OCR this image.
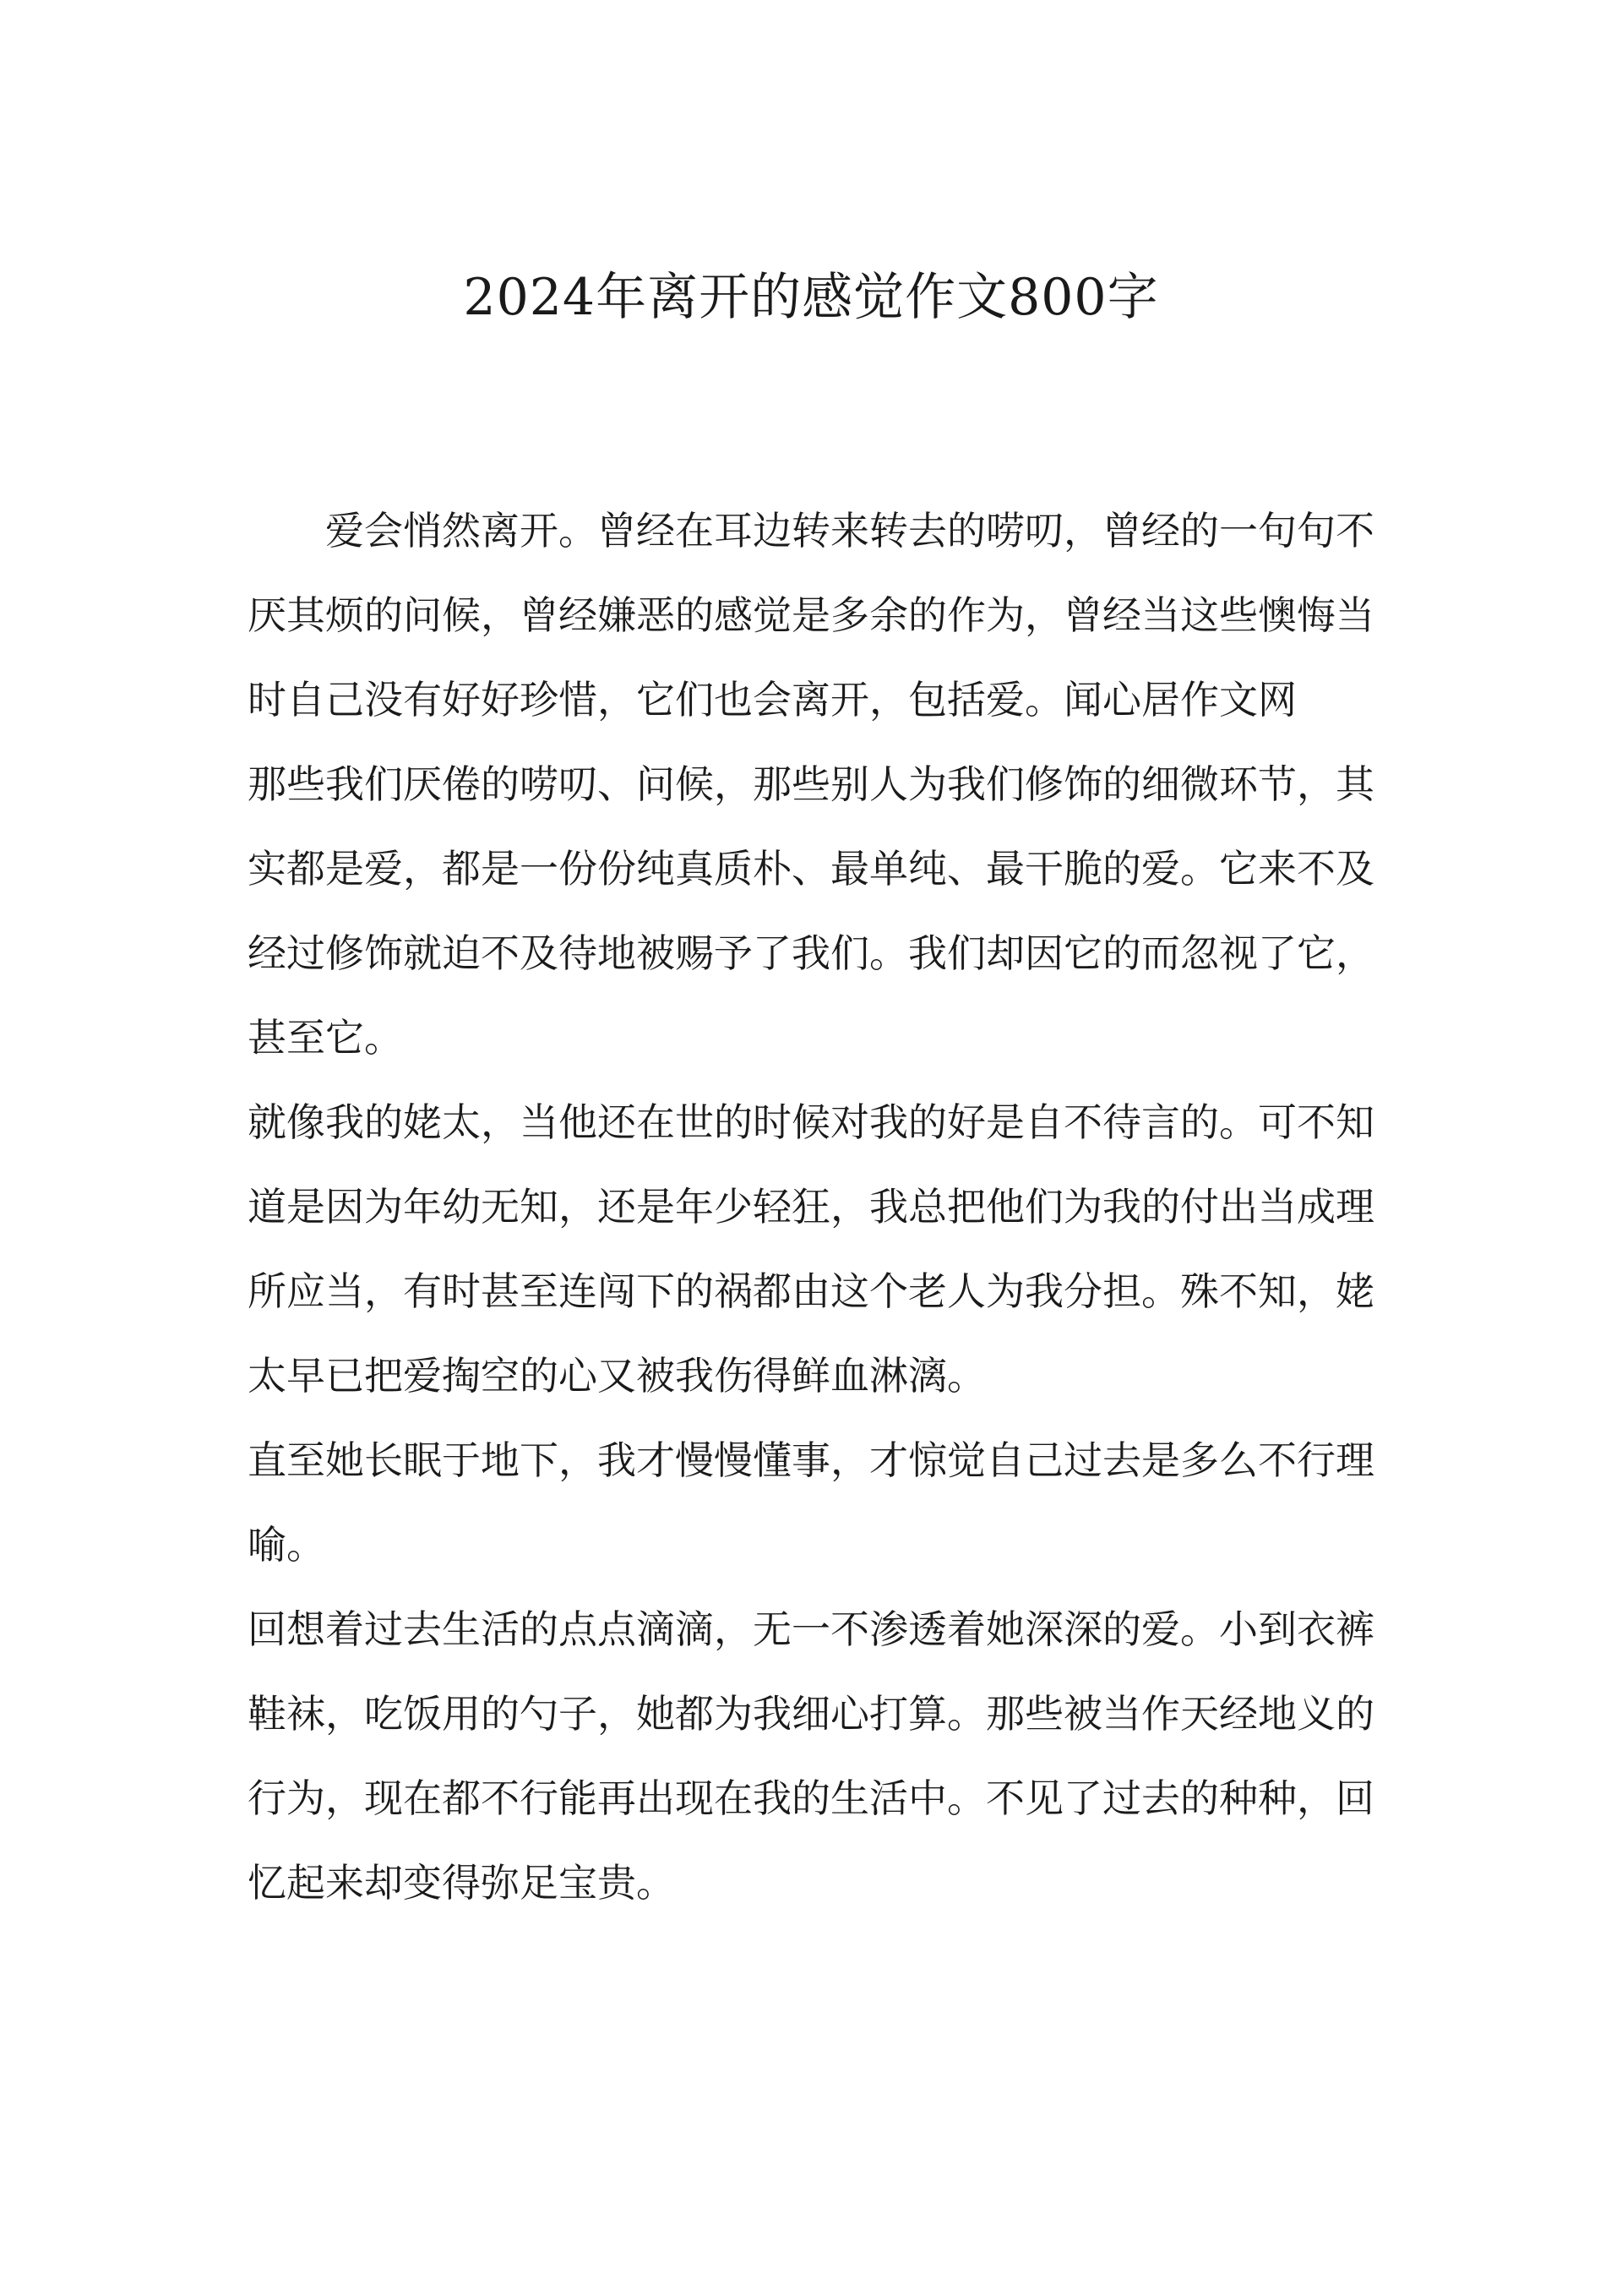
2024年离开的感觉作文800字

爱会悄然离开。曾经在耳边转来转去的唠叨，曾经的一句句不厌其烦的问候，曾经嫌恶的感觉是多余的作为，曾经当这些懊悔当时自己没有好好珍惜，它们也会离开，包括爱。闻心居作文网

那些我们厌倦的唠叨、问候，那些别人为我们修饰的细微环节，其实都是爱，都是一份份纯真质朴、最单纯、最干脆的爱。它来不及经过修饰就迫不及待地被赐予了我们。我们却因它的而忽视了它，甚至它。

就像我的姥太，当他还在世的时候对我的好是自不待言的。可不知道是因为年幼无知，还是年少轻狂，我总把他们为我的付出当成理所应当，有时甚至连闯下的祸都由这个老人为我分担。殊不知，姥太早已把爱掏空的心又被我伤得鲜血淋漓。

直至她长眠于地下，我才慢慢懂事，才惊觉自己过去是多么不行理喻。

回想着过去生活的点点滴滴，无一不渗透着她深深的爱。小到衣裤鞋袜，吃饭用的勺子，她都为我细心打算。那些被当作天经地义的行为，现在都不行能再出现在我的生活中。不见了过去的种种，回忆起来却变得弥足宝贵。
